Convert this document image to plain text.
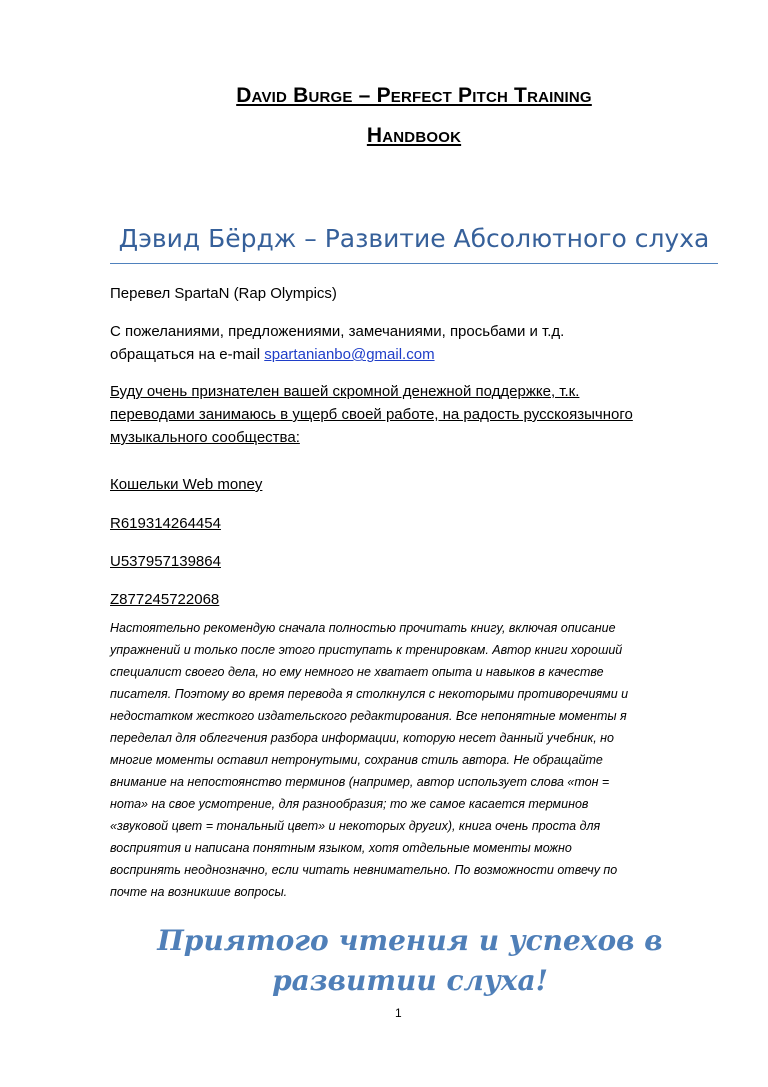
David Burge – Perfect Pitch Training
Handbook
Дэвид Бёрдж – Развитие Абсолютного слуха
Перевел SpartaN (Rap Olympics)
С пожеланиями, предложениями, замечаниями, просьбами и т.д.
обращаться на e-mail spartanianbo@gmail.com
Буду очень признателен вашей скромной денежной поддержке, т.к.
переводами занимаюсь в ущерб своей работе, на радость русскоязычного
музыкального сообщества:
Кошельки Web money
R619314264454
U537957139864
Z877245722068
Настоятельно рекомендую сначала полностью прочитать книгу, включая описание
упражнений и только после этого приступать к тренировкам. Автор книги хороший
специалист своего дела, но ему немного не хватает опыта и навыков в качестве
писателя. Поэтому во время перевода я столкнулся с некоторыми противоречиями и
недостатком жесткого издательского редактирования. Все непонятные моменты я
переделал для облегчения разбора информации, которую несет данный учебник, но
многие моменты оставил нетронутыми, сохранив стиль автора. Не обращайте
внимание на непостоянство терминов (например, автор использует слова «тон =
нота» на свое усмотрение, для разнообразия; то же самое касается терминов
«звуковой цвет = тональный цвет» и некоторых других), книга очень проста для
восприятия и написана понятным языком, хотя отдельные моменты можно
воспринять неоднозначно, если читать невнимательно. По возможности отвечу по
почте на возникшие вопросы.
Приятого чтения и успехов в
развитии слуха!
1
